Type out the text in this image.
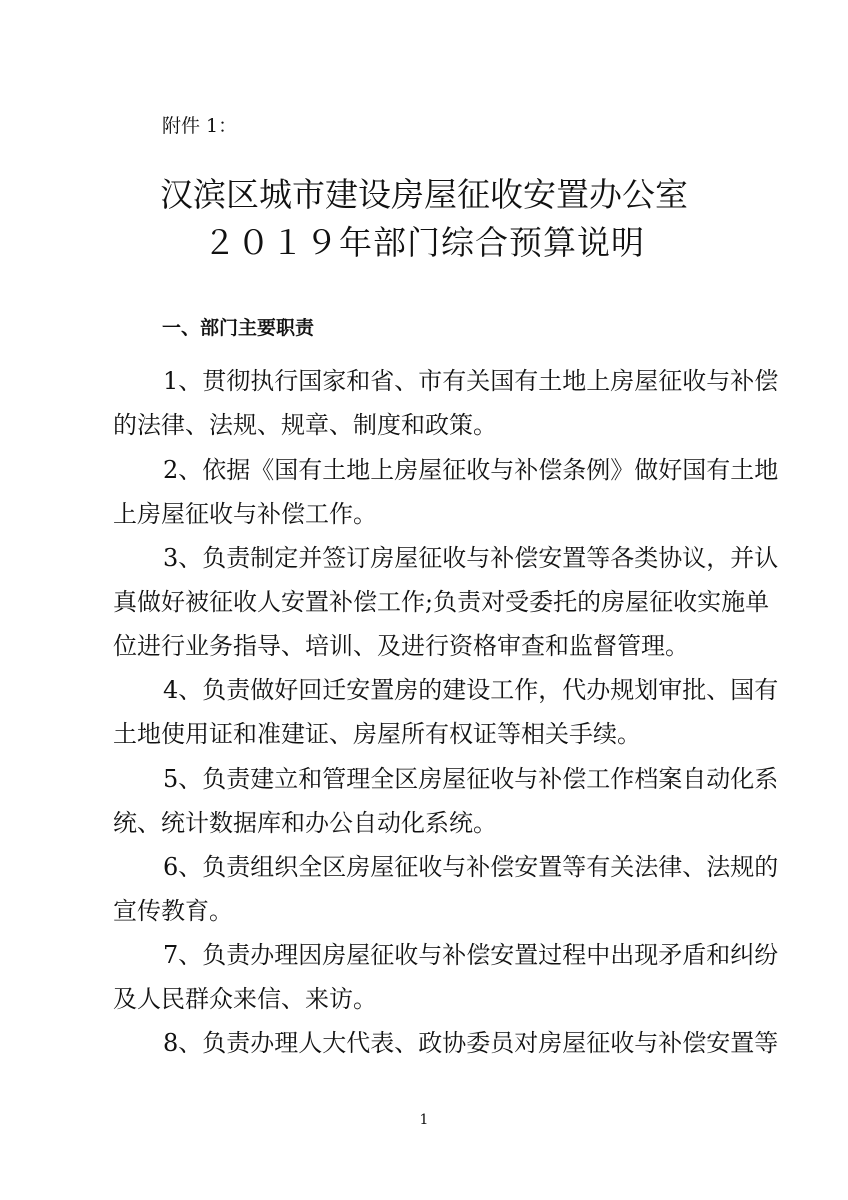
附件 1：
汉滨区城市建设房屋征收安置办公室
２０１９年部门综合预算说明
一、部门主要职责
1、贯彻执行国家和省、市有关国有土地上房屋征收与补偿
的法律、法规、规章、制度和政策。
2、依据《国有土地上房屋征收与补偿条例》做好国有土地
上房屋征收与补偿工作。
3、负责制定并签订房屋征收与补偿安置等各类协议，并认
真做好被征收人安置补偿工作;负责对受委托的房屋征收实施单
位进行业务指导、培训、及进行资格审查和监督管理。
4、负责做好回迁安置房的建设工作，代办规划审批、国有
土地使用证和准建证、房屋所有权证等相关手续。
5、负责建立和管理全区房屋征收与补偿工作档案自动化系
统、统计数据库和办公自动化系统。
6、负责组织全区房屋征收与补偿安置等有关法律、法规的
宣传教育。
7、负责办理因房屋征收与补偿安置过程中出现矛盾和纠纷
及人民群众来信、来访。
8、负责办理人大代表、政协委员对房屋征收与补偿安置等
1
